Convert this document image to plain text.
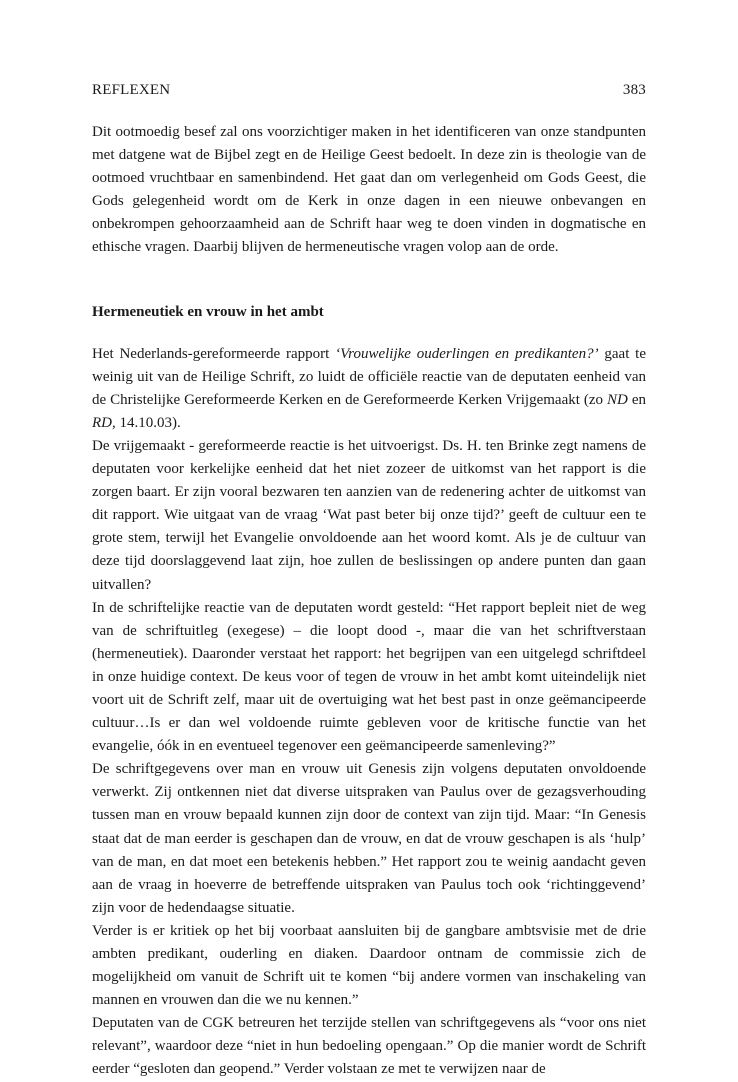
REFLEXEN	383

Dit ootmoedig besef zal ons voorzichtiger maken in het identificeren van onze standpunten met datgene wat de Bijbel zegt en de Heilige Geest bedoelt. In deze zin is theologie van de ootmoed vruchtbaar en samenbindend. Het gaat dan om verlegenheid om Gods Geest, die Gods gelegenheid wordt om de Kerk in onze dagen in een nieuwe onbevangen en onbekrompen gehoorzaamheid aan de Schrift haar weg te doen vinden in dogmatische en ethische vragen. Daarbij blijven de hermeneutische vragen volop aan de orde.

Hermeneutiek en vrouw in het ambt

Het Nederlands-gereformeerde rapport ‘Vrouwelijke ouderlingen en predikanten?’ gaat te weinig uit van de Heilige Schrift, zo luidt de officiële reactie van de deputaten eenheid van de Christelijke Gereformeerde Kerken en de Gereformeerde Kerken Vrijgemaakt (zo ND en RD, 14.10.03).

De vrijgemaakt - gereformeerde reactie is het uitvoerigst. Ds. H. ten Brinke zegt namens de deputaten voor kerkelijke eenheid dat het niet zozeer de uitkomst van het rapport is die zorgen baart. Er zijn vooral bezwaren ten aanzien van de redenering achter de uitkomst van dit rapport. Wie uitgaat van de vraag ‘Wat past beter bij onze tijd?’ geeft de cultuur een te grote stem, terwijl het Evangelie onvoldoende aan het woord komt. Als je de cultuur van deze tijd doorslaggevend laat zijn, hoe zullen de beslissingen op andere punten dan gaan uitvallen?

In de schriftelijke reactie van de deputaten wordt gesteld: “Het rapport bepleit niet de weg van de schriftuitleg (exegese) – die loopt dood -, maar die van het schriftverstaan (hermeneutiek). Daaronder verstaat het rapport: het begrijpen van een uitgelegd schriftdeel in onze huidige context. De keus voor of tegen de vrouw in het ambt komt uiteindelijk niet voort uit de Schrift zelf, maar uit de overtuiging wat het best past in onze geëmancipeerde cultuur…Is er dan wel voldoende ruimte gebleven voor de kritische functie van het evangelie, óók in en eventueel tegenover een geëmancipeerde samenleving?”

De schriftgegevens over man en vrouw uit Genesis zijn volgens deputaten onvoldoende verwerkt. Zij ontkennen niet dat diverse uitspraken van Paulus over de gezagsverhouding tussen man en vrouw bepaald kunnen zijn door de context van zijn tijd. Maar: “In Genesis staat dat de man eerder is geschapen dan de vrouw, en dat de vrouw geschapen is als ‘hulp’ van de man, en dat moet een betekenis hebben.” Het rapport zou te weinig aandacht geven aan de vraag in hoeverre de betreffende uitspraken van Paulus toch ook ‘richtinggevend’ zijn voor de hedendaagse situatie.

Verder is er kritiek op het bij voorbaat aansluiten bij de gangbare ambtsvisie met de drie ambten predikant, ouderling en diaken. Daardoor ontnam de commissie zich de mogelijkheid om vanuit de Schrift uit te komen “bij andere vormen van inschakeling van mannen en vrouwen dan die we nu kennen.”

Deputaten van de CGK betreuren het terzijde stellen van schriftgegevens als “voor ons niet relevant”, waardoor deze “niet in hun bedoeling opengaan.” Op die manier wordt de Schrift eerder “gesloten dan geopend.” Verder volstaan ze met te verwijzen naar de
